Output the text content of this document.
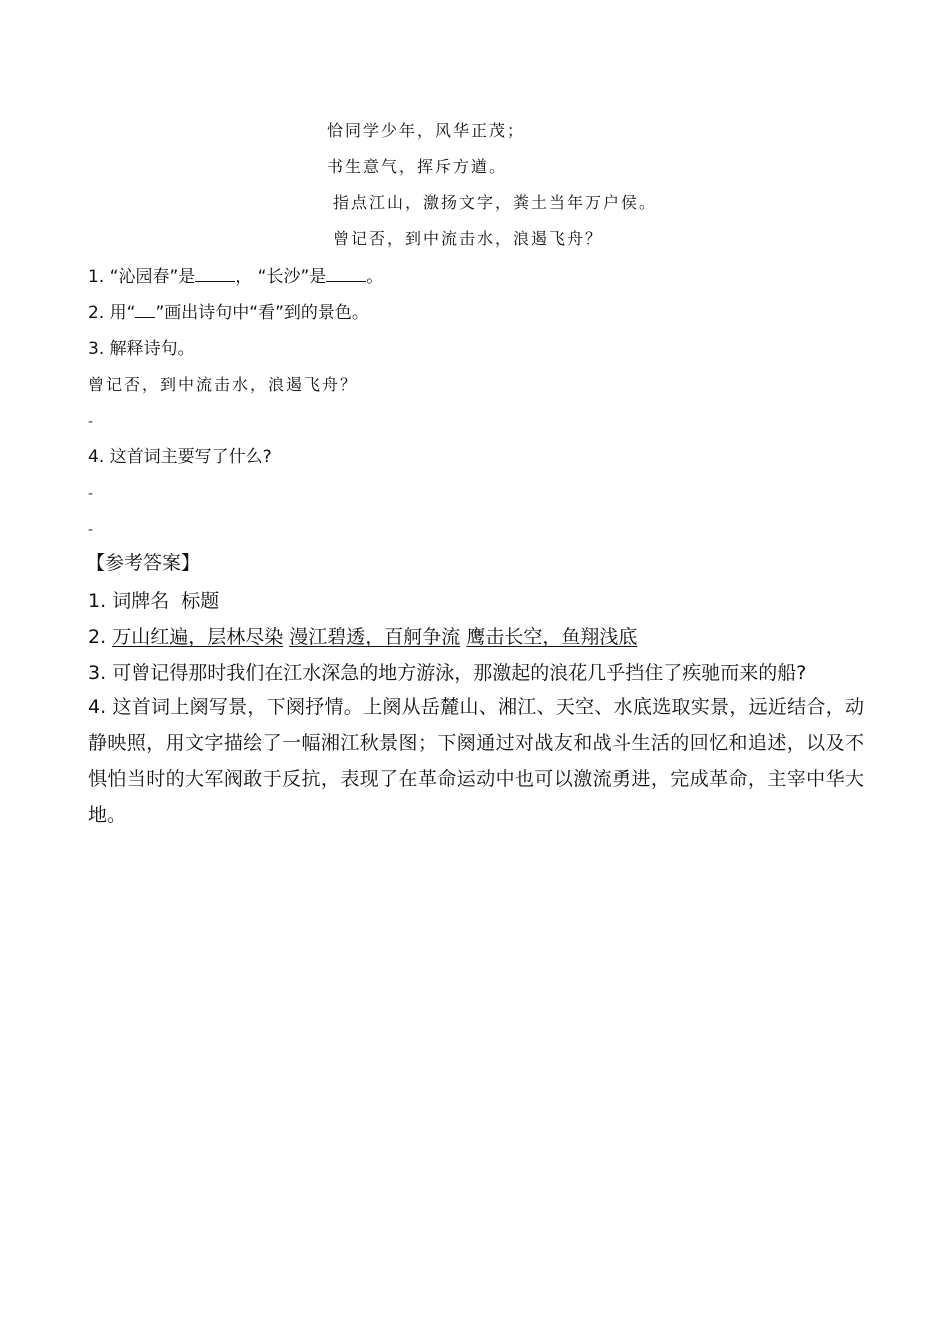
恰同学少年，风华正茂；
书生意气，挥斥方遒。
指点江山，激扬文字，粪土当年万户侯。
曾记否，到中流击水，浪遏飞舟？
1. “沁园春”是 ， “长沙”是 。
2. 用“ ”画出诗句中“看”到的景色。
3. 解释诗句。
曾记否，到中流击水，浪遏飞舟？
-
4. 这首词主要写了什么?
-
-
【参考答案】
1. 词牌名  标题
2. 万山红遍，层林尽染 漫江碧透，百舸争流 鹰击长空，鱼翔浅底
3. 可曾记得那时我们在江水深急的地方游泳，那激起的浪花几乎挡住了疾驰而来的船?
4. 这首词上阕写景，下阕抒情。上阕从岳麓山、湘江、天空、水底选取实景，远近结合，动静映照，用文字描绘了一幅湘江秋景图；下阕通过对战友和战斗生活的回忆和追述，以及不惧怕当时的大军阀敢于反抗，表现了在革命运动中也可以激流勇进，完成革命，主宰中华大地。
